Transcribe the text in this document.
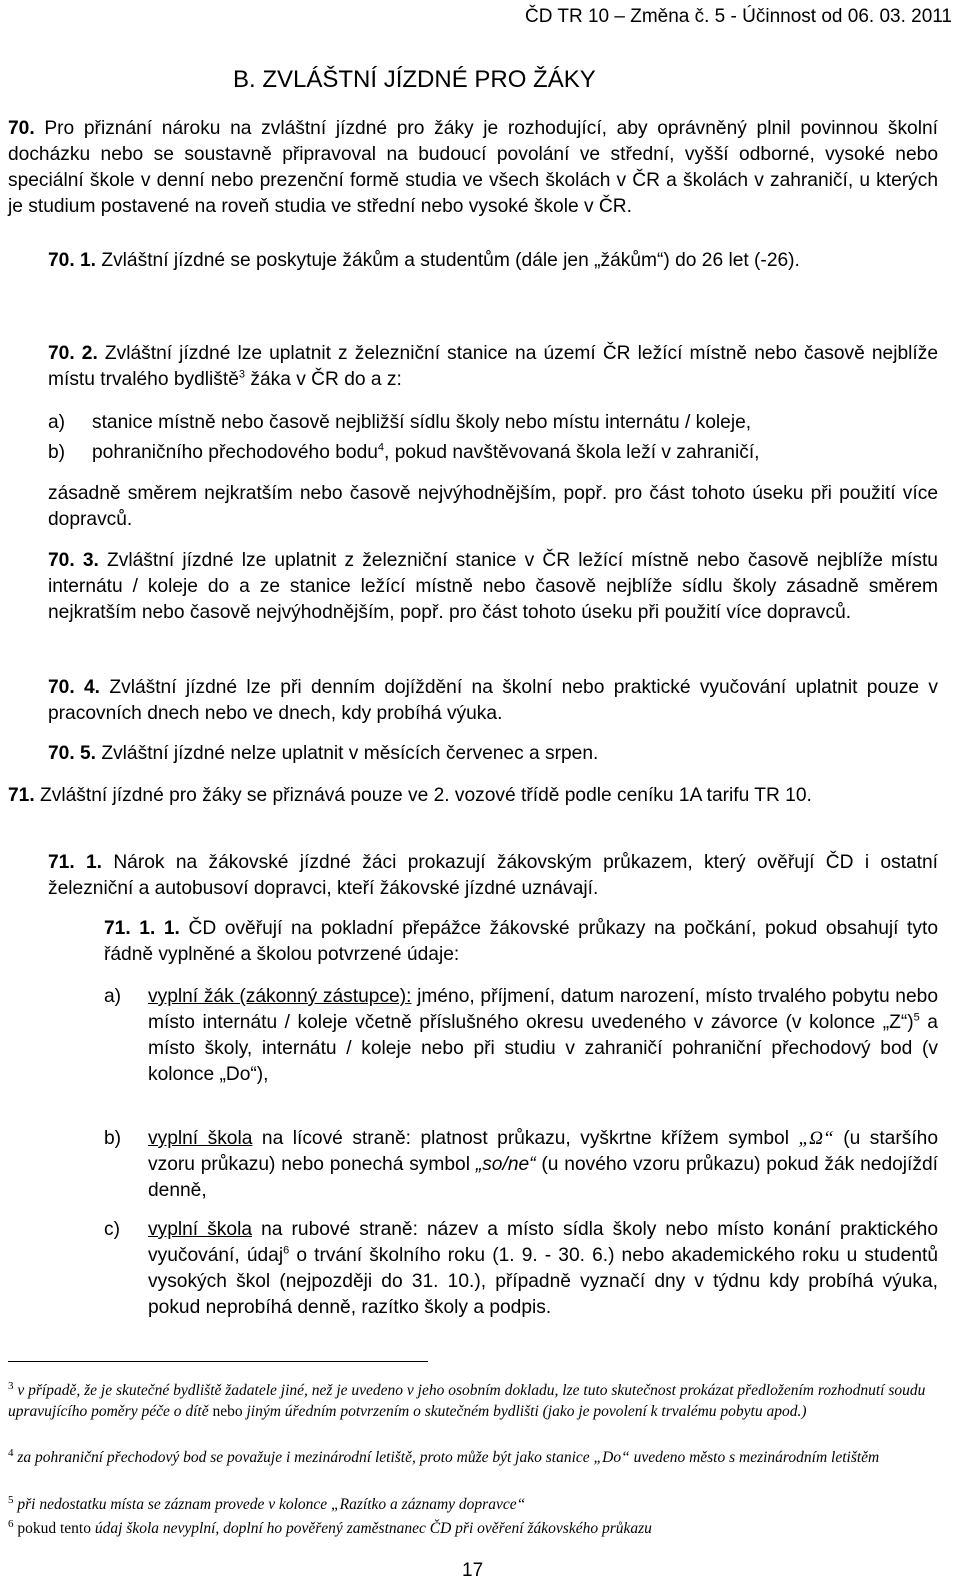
ČD TR 10 – Změna č. 5 - Účinnost od 06. 03. 2011
B. ZVLÁŠTNÍ JÍZDNÉ PRO ŽÁKY
70. Pro přiznání nároku na zvláštní jízdné pro žáky je rozhodující, aby oprávněný plnil povinnou školní docházku nebo se soustavně připravoval na budoucí povolání ve střední, vyšší odborné, vysoké nebo speciální škole v denní nebo prezenční formě studia ve všech školách v ČR a školách v zahraničí, u kterých je studium postavené na roveň studia ve střední nebo vysoké škole v ČR.
70. 1. Zvláštní jízdné se poskytuje žákům a studentům (dále jen „žákům“) do 26 let (-26).
70. 2. Zvláštní jízdné lze uplatnit z železniční stanice na území ČR ležící místně nebo časově nejblíže místu trvalého bydliště$^3$ žáka v ČR do a z:
a) stanice místně nebo časově nejbližší sídlu školy nebo místu internátu / koleje,
b) pohraničního přechodového bodu$^4$, pokud navštěvovaná škola leží v zahraničí,
zásadně směrem nejkratším nebo časově nejvýhodnějším, popř. pro část tohoto úseku při použití více dopravců.
70. 3. Zvláštní jízdné lze uplatnit z železniční stanice v ČR ležící místně nebo časově nejblíže místu internátu / koleje do a ze stanice ležící místně nebo časově nejblíže sídlu školy zásadně směrem nejkratším nebo časově nejvýhodnějším, popř. pro část tohoto úseku při použití více dopravců.
70. 4. Zvláštní jízdné lze při denním dojíždění na školní nebo praktické vyučování uplatnit pouze v pracovních dnech nebo ve dnech, kdy probíhá výuka.
70. 5. Zvláštní jízdné nelze uplatnit v měsících červenec a srpen.
71. Zvláštní jízdné pro žáky se přiznává pouze ve 2. vozové třídě podle ceníku 1A tarifu TR 10.
71. 1. Nárok na žákovské jízdné žáci prokazují žákovským průkazem, který ověřují ČD i ostatní železniční a autobusoví dopravci, kteří žákovské jízdné uznávají.
71. 1. 1. ČD ověřují na pokladní přepážce žákovské průkazy na počkání, pokud obsahují tyto řádně vyplněné a školou potvrzené údaje:
a) vyplní žák (zákonný zástupce): jméno, příjmení, datum narození, místo trvalého pobytu nebo místo internátu / koleje včetně příslušného okresu uvedeného v závorce (v kolonce „Z“)$^5$ a místo školy, internátu / koleje nebo při studiu v zahraničí pohraniční přechodový bod (v kolonce „Do“),
b) vyplní škola na lícové straně: platnost průkazu, vyškrtne křížem symbol „Ω“ (u staršího vzoru průkazu) nebo ponechá symbol „so/ne“ (u nového vzoru průkazu) pokud žák nedojíždí denně,
c) vyplní škola na rubové straně: název a místo sídla školy nebo místo konání praktického vyučování, údaj$^6$ o trvání školního roku (1. 9. - 30. 6.) nebo akademického roku u studentů vysokých škol (nejpozději do 31. 10.), případně vyznačí dny v týdnu kdy probíhá výuka, pokud neprobíhá denně, razítko školy a podpis.
$^3$ v případě, že je skutečné bydliště žadatele jiné, než je uvedeno v jeho osobním dokladu, lze tuto skutečnost prokázat předložením rozhodnutí soudu upravujícího poměry péče o dítě nebo jiným úředním potvrzením o skutečném bydlišti (jako je povolení k trvalému pobytu apod.)
$^4$ za pohraniční přechodový bod se považuje i mezinárodní letiště, proto může být jako stanice „Do“ uvedeno město s mezinárodním letištěm
$^5$ při nedostatku místa se záznam provede v kolonce „Razítko a záznamy dopravce“
$^6$ pokud tento údaj škola nevyplní, doplní ho pověřený zaměstnanec ČD při ověření žákovského průkazu
17
